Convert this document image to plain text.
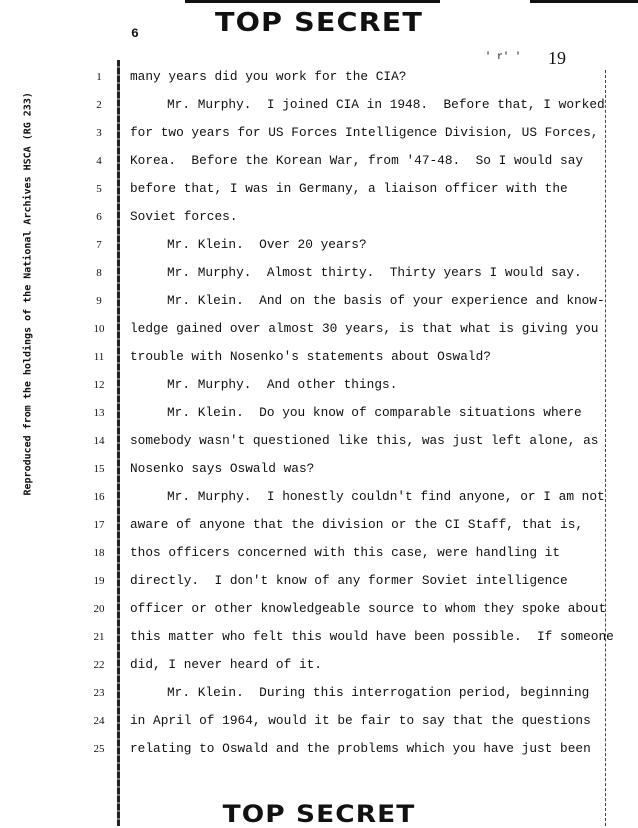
TOP SECRET
Reproduced from the holdings of the National Archives HSCA (RG 233)
6
' r' ' 19
1	many years did you work for the CIA?
2	Mr. Murphy.  I joined CIA in 1948.  Before that, I worked
3	for two years for US Forces Intelligence Division, US Forces,
4	Korea.  Before the Korean War, from '47-48.  So I would say
5	before that, I was in Germany, a liaison officer with the
6	Soviet forces.
7	Mr. Klein.  Over 20 years?
8	Mr. Murphy.  Almost thirty.  Thirty years I would say.
9	Mr. Klein.  And on the basis of your experience and know-
10	ledge gained over almost 30 years, is that what is giving you
11	trouble with Nosenko's statements about Oswald?
12	Mr. Murphy.  And other things.
13	Mr. Klein.  Do you know of comparable situations where
14	somebody wasn't questioned like this, was just left alone, as
15	Nosenko says Oswald was?
16	Mr. Murphy.  I honestly couldn't find anyone, or I am not
17	aware of anyone that the division or the CI Staff, that is,
18	thos officers concerned with this case, were handling it
19	directly.  I don't know of any former Soviet intelligence
20	officer or other knowledgeable source to whom they spoke about
21	this matter who felt this would have been possible.  If someone
22	did, I never heard of it.
23	Mr. Klein.  During this interrogation period, beginning
24	in April of 1964, would it be fair to say that the questions
25	relating to Oswald and the problems which you have just been
TOP SECRET
